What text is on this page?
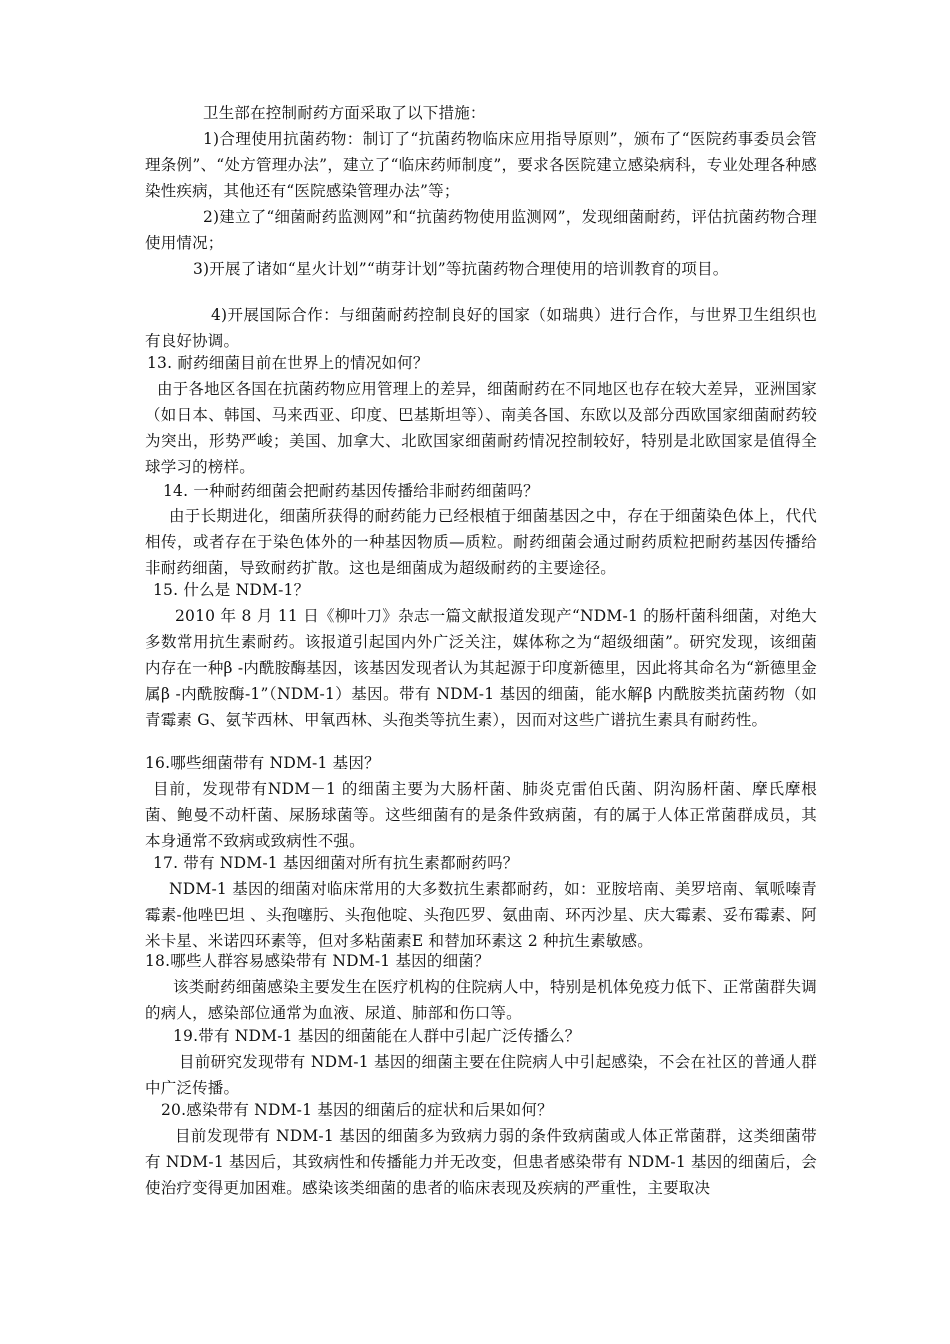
卫生部在控制耐药方面采取了以下措施：

1)合理使用抗菌药物：制订了“抗菌药物临床应用指导原则”，颁布了“医院药事委员会管理条例”、“处方管理办法”，建立了“临床药师制度”，要求各医院建立感染病科，专业处理各种感染性疾病，其他还有“医院感染管理办法”等；

2)建立了“细菌耐药监测网”和“抗菌药物使用监测网”，发现细菌耐药，评估抗菌药物合理使用情况；

3)开展了诸如“星火计划”“萌芽计划”等抗菌药物合理使用的培训教育的项目。

4)开展国际合作：与细菌耐药控制良好的国家（如瑞典）进行合作，与世界卫生组织也有良好协调。

13. 耐药细菌目前在世界上的情况如何？

由于各地区各国在抗菌药物应用管理上的差异，细菌耐药在不同地区也存在较大差异，亚洲国家（如日本、韩国、马来西亚、印度、巴基斯坦等）、南美各国、东欧以及部分西欧国家细菌耐药较为突出，形势严峻；美国、加拿大、北欧国家细菌耐药情况控制较好，特别是北欧国家是值得全球学习的榜样。

14. 一种耐药细菌会把耐药基因传播给非耐药细菌吗？

由于长期进化，细菌所获得的耐药能力已经根植于细菌基因之中，存在于细菌染色体上，代代相传，或者存在于染色体外的一种基因物质—质粒。耐药细菌会通过耐药质粒把耐药基因传播给非耐药细菌，导致耐药扩散。这也是细菌成为超级耐药的主要途径。

15. 什么是 NDM-1？

2010 年 8 月 11 日《柳叶刀》杂志一篇文献报道发现产“NDM-1 的肠杆菌科细菌，对绝大多数常用抗生素耐药。该报道引起国内外广泛关注，媒体称之为“超级细菌”。研究发现，该细菌内存在一种β -内酰胺酶基因，该基因发现者认为其起源于印度新德里，因此将其命名为“新德里金属β -内酰胺酶-1”（NDM-1）基因。带有 NDM-1 基因的细菌，能水解β 内酰胺类抗菌药物（如青霉素 G、氨苄西林、甲氧西林、头孢类等抗生素），因而对这些广谱抗生素具有耐药性。

16.哪些细菌带有 NDM-1 基因？

目前，发现带有NDM－1 的细菌主要为大肠杆菌、肺炎克雷伯氏菌、阴沟肠杆菌、摩氏摩根菌、鲍曼不动杆菌、屎肠球菌等。这些细菌有的是条件致病菌，有的属于人体正常菌群成员，其本身通常不致病或致病性不强。

17. 带有 NDM-1 基因细菌对所有抗生素都耐药吗？

NDM-1 基因的细菌对临床常用的大多数抗生素都耐药，如：亚胺培南、美罗培南、氧哌嗪青霉素-他唑巴坦 、头孢噻肟、头孢他啶、头孢匹罗、氨曲南、环丙沙星、庆大霉素、妥布霉素、阿米卡星、米诺四环素等，但对多粘菌素E 和替加环素这 2 种抗生素敏感。

18.哪些人群容易感染带有 NDM-1 基因的细菌？

该类耐药细菌感染主要发生在医疗机构的住院病人中，特别是机体免疫力低下、正常菌群失调的病人，感染部位通常为血液、尿道、肺部和伤口等。

19.带有 NDM-1 基因的细菌能在人群中引起广泛传播么？

目前研究发现带有 NDM-1 基因的细菌主要在住院病人中引起感染，不会在社区的普通人群中广泛传播。

20.感染带有 NDM-1 基因的细菌后的症状和后果如何？

目前发现带有 NDM-1 基因的细菌多为致病力弱的条件致病菌或人体正常菌群，这类细菌带有 NDM-1 基因后，其致病性和传播能力并无改变，但患者感染带有 NDM-1 基因的细菌后，会使治疗变得更加困难。感染该类细菌的患者的临床表现及疾病的严重性，主要取决
